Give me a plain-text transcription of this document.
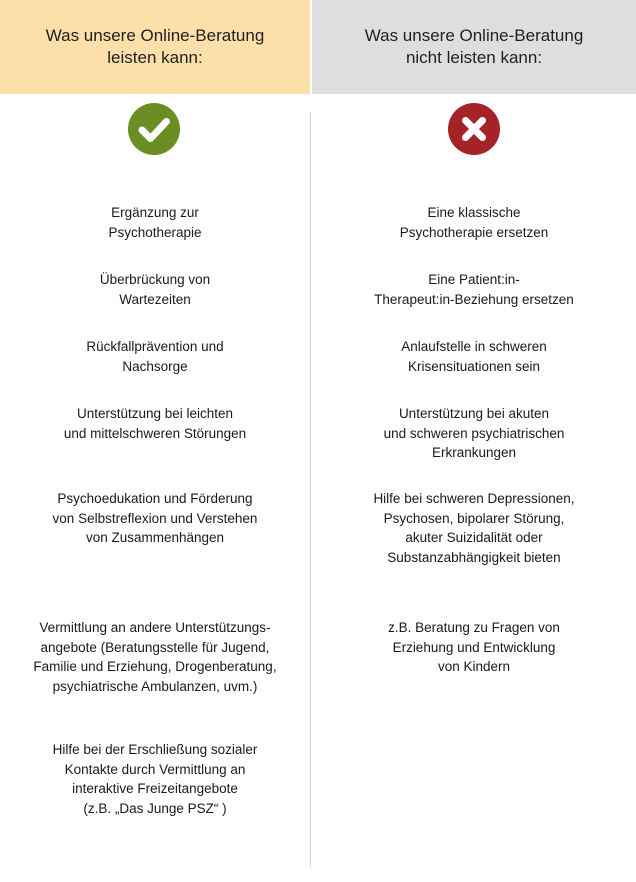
Was unsere Online-Beratung
leisten kann:
Was unsere Online-Beratung
nicht leisten kann:
Ergänzung zur
Psychotherapie
Überbrückung von
Wartezeiten
Rückfallprävention und
Nachsorge
Unterstützung bei leichten
und mittelschweren Störungen
Psychoedukation und Förderung
von Selbstreflexion und Verstehen
von Zusammenhängen
Vermittlung an andere Unterstützungs-
angebote (Beratungsstelle für Jugend,
Familie und Erziehung, Drogenberatung,
psychiatrische Ambulanzen, uvm.)
Hilfe bei der Erschließung sozialer
Kontakte durch Vermittlung an
interaktive Freizeitangebote
(z.B. „Das Junge PSZ“ )
Eine klassische
Psychotherapie ersetzen
Eine Patient:in-
Therapeut:in-Beziehung ersetzen
Anlaufstelle in schweren
Krisensituationen sein
Unterstützung bei akuten
und schweren psychiatrischen
Erkrankungen
Hilfe bei schweren Depressionen,
Psychosen, bipolarer Störung,
akuter Suizidalität oder
Substanzabhängigkeit bieten
z.B. Beratung zu Fragen von
Erziehung und Entwicklung
von Kindern
